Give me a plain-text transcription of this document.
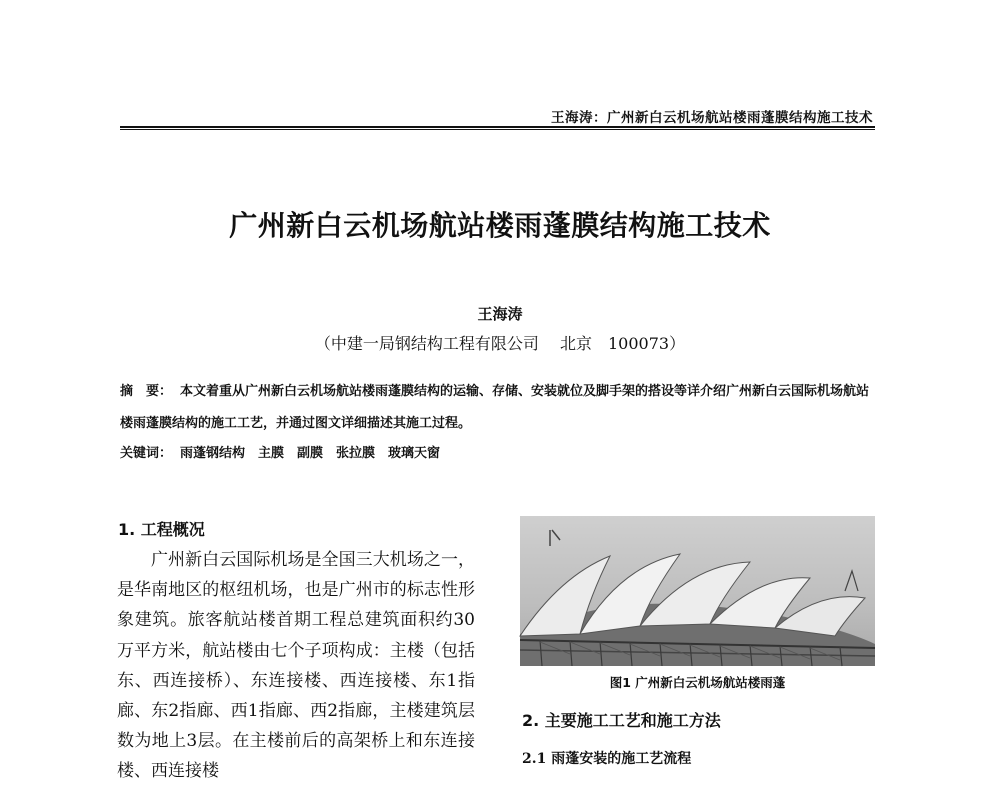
王海涛：广州新白云机场航站楼雨蓬膜结构施工技术
广州新白云机场航站楼雨蓬膜结构施工技术
王海涛
（中建一局钢结构工程有限公司　 北京　100073）

摘　要： 本文着重从广州新白云机场航站楼雨蓬膜结构的运输、存储、安装就位及脚手架的搭设等详介绍广州新白云国际机场航站楼雨蓬膜结构的施工工艺，并通过图文详细描述其施工过程。

关键词： 雨蓬钢结构　主膜　副膜　张拉膜　玻璃天窗

1. 工程概况

广州新白云国际机场是全国三大机场之一，是华南地区的枢纽机场，也是广州市的标志性形象建筑。旅客航站楼首期工程总建筑面积约30万平方米，航站楼由七个子项构成：主楼（包括东、西连接桥）、东连接楼、西连接楼、东1指廊、东2指廊、西1指廊、西2指廊，主楼建筑层数为地上3层。在主楼前后的高架桥上和东连接楼、西连接楼

图1 广州新白云机场航站楼雨蓬
2. 主要施工工艺和施工方法
2.1 雨蓬安装的施工艺流程
